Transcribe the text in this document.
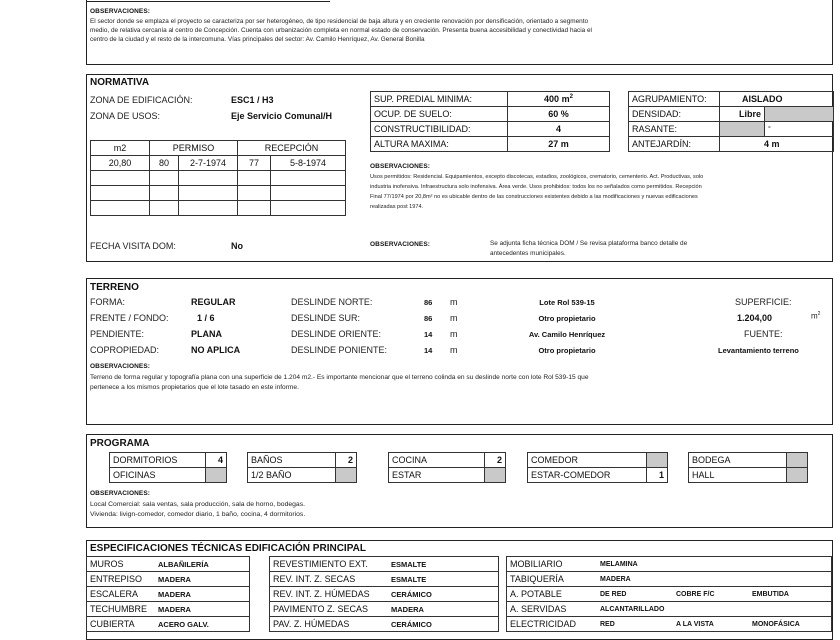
OBSERVACIONES:
El sector donde se emplaza el proyecto se caracteriza por ser heterogéneo, de tipo residencial de baja altura y en creciente renovación por densificación, orientado a segmento
medio, de relativa cercanía al centro de Concepción. Cuenta con urbanización completa en normal estado de conservación. Presenta buena accesibilidad y conectividad hacia el
centro de la ciudad y el resto de la intercomuna. Vías principales del sector: Av. Camilo Henríquez, Av. General Bonilla
NORMATIVA
ZONA DE EDIFICACIÓN:	ESC1 / H3
ZONA DE USOS:	Eje Servicio Comunal/H
m2	PERMISO		RECEPCIÓN	
20,80	80	2-7-1974	77	5-8-1974

FECHA VISITA DOM:	No
SUP. PREDIAL MINIMA:	400 $m^2$
OCUP. DE SUELO:	60 %
CONSTRUCTIBILIDAD:	4
ALTURA MAXIMA:	27 m
AGRUPAMIENTO:	AISLADO	
DENSIDAD:	Libre	
RASANTE:		°
ANTEJARDÍN:	4 m	
OBSERVACIONES:
Usos permitidos: Residencial. Equipamientos, excepto discotecas, estadios, zoológicos, crematorio, cementerio. Act. Productivas, solo
industria inofensiva. Infraestructura solo inofensiva. Área verde. Usos prohibidos: todos los no señalados como permitidos. Recepción
Final 77/1974 por 20,8m² no es ubicable dentro de las construcciones existentes debido a las modificaciones y nuevas edificaciones
realizadas post 1974.
OBSERVACIONES:	Se adjunta ficha técnica DOM / Se revisa plataforma banco detalle de
antecedentes municipales.
TERRENO
FORMA:	REGULAR	DESLINDE NORTE:	86 m	Lote Rol 539-15
FRENTE / FONDO:	1 / 6	DESLINDE SUR:	86 m	Otro propietario
PENDIENTE:	PLANA	DESLINDE ORIENTE:	14 m	Av. Camilo Henríquez
COPROPIEDAD:	NO APLICA	DESLINDE PONIENTE:	14 m	Otro propietario
SUPERFICIE:
1.204,00	$m^2$
FUENTE:
Levantamiento terreno
OBSERVACIONES:
Terreno de forma regular y topografía plana con una superficie de 1.204 m2.- Es importante mencionar que el terreno colinda en su deslinde norte con lote Rol 539-15 que
pertenece a los mismos propietarios que el lote tasado en este informe.
PROGRAMA
DORMITORIOS	4
OFICINAS	
BAÑOS	2
1/2 BAÑO	
COCINA	2
ESTAR	
COMEDOR	
ESTAR-COMEDOR	1
BODEGA	
HALL	
OBSERVACIONES:
Local Comercial: sala ventas, sala producción, sala de horno, bodegas.
Vivienda: livign-comedor, comedor diario, 1 baño, cocina, 4 dormitorios.
ESPECIFICACIONES TÉCNICAS EDIFICACIÓN PRINCIPAL
MUROS	ALBAÑILERÍA
ENTREPISO	MADERA
ESCALERA	MADERA
TECHUMBRE	MADERA
CUBIERTA	ACERO GALV.
REVESTIMIENTO EXT.	ESMALTE
REV. INT. Z. SECAS	ESMALTE
REV. INT. Z. HÚMEDAS	CERÁMICO
PAVIMENTO Z. SECAS	MADERA
PAV. Z. HÚMEDAS	CERÁMICO
MOBILIARIO	MELAMINA		
TABIQUERÍA	MADERA		
A. POTABLE	DE RED	COBRE F/C	EMBUTIDA
A. SERVIDAS	ALCANTARILLADO		
ELECTRICIDAD	RED	A LA VISTA	MONOFÁSICA
